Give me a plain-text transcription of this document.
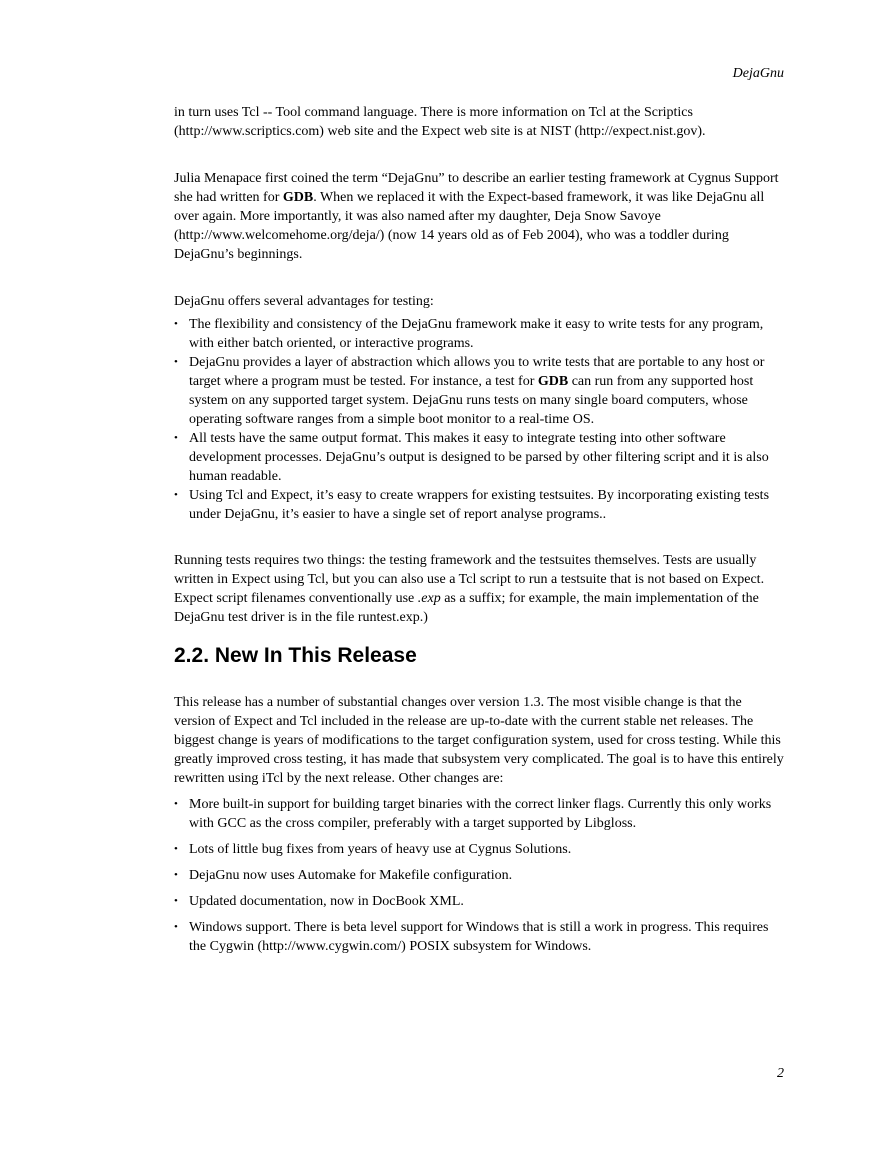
DejaGnu

in turn uses Tcl -- Tool command language. There is more information on Tcl at the Scriptics (http://www.scriptics.com) web site and the Expect web site is at NIST (http://expect.nist.gov).

Julia Menapace first coined the term “DejaGnu” to describe an earlier testing framework at Cygnus Support she had written for GDB. When we replaced it with the Expect-based framework, it was like DejaGnu all over again. More importantly, it was also named after my daughter, Deja Snow Savoye (http://www.welcomehome.org/deja/) (now 14 years old as of Feb 2004), who was a toddler during DejaGnu’s beginnings.

DejaGnu offers several advantages for testing:

• The flexibility and consistency of the DejaGnu framework make it easy to write tests for any program, with either batch oriented, or interactive programs.
• DejaGnu provides a layer of abstraction which allows you to write tests that are portable to any host or target where a program must be tested. For instance, a test for GDB can run from any supported host system on any supported target system. DejaGnu runs tests on many single board computers, whose operating software ranges from a simple boot monitor to a real-time OS.
• All tests have the same output format. This makes it easy to integrate testing into other software development processes. DejaGnu’s output is designed to be parsed by other filtering script and it is also human readable.
• Using Tcl and Expect, it’s easy to create wrappers for existing testsuites. By incorporating existing tests under DejaGnu, it’s easier to have a single set of report analyse programs..

Running tests requires two things: the testing framework and the testsuites themselves. Tests are usually written in Expect using Tcl, but you can also use a Tcl script to run a testsuite that is not based on Expect. Expect script filenames conventionally use .exp as a suffix; for example, the main implementation of the DejaGnu test driver is in the file runtest.exp.)

2.2. New In This Release

This release has a number of substantial changes over version 1.3. The most visible change is that the version of Expect and Tcl included in the release are up-to-date with the current stable net releases. The biggest change is years of modifications to the target configuration system, used for cross testing. While this greatly improved cross testing, it has made that subsystem very complicated. The goal is to have this entirely rewritten using iTcl by the next release. Other changes are:

• More built-in support for building target binaries with the correct linker flags. Currently this only works with GCC as the cross compiler, preferably with a target supported by Libgloss.
• Lots of little bug fixes from years of heavy use at Cygnus Solutions.
• DejaGnu now uses Automake for Makefile configuration.
• Updated documentation, now in DocBook XML.
• Windows support. There is beta level support for Windows that is still a work in progress. This requires the Cygwin (http://www.cygwin.com/) POSIX subsystem for Windows.
2
